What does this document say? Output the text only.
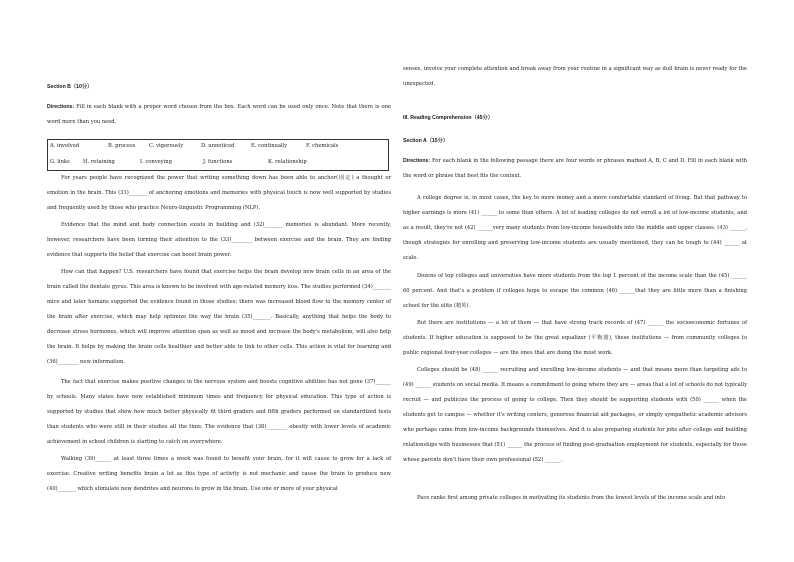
Section B（10分）
Directions: Fill in each blank with a proper word chosen from the box. Each word can be used only once. Note that there is one word more than you need.
A. involved	B. process	C. vigorously	D. unnoticed	E. continually	F. chemicals
G. links	H. retaining	I. conveying	J. functions	K. relationship
For years people have recognized the power that writing something down has been able to anchor(固定) a thought or emotion in the brain. This (31)_______ of anchoring emotions and memories with physical touch is now well supported by studies and frequently used by those who practice Neuro-linguistic Programming (NLP).
Evidence that the mind and body connection exists in building and (32)_______ memories is abundant. More recently, however, researchers have been turning their attention to the (33)________ between exercise and the brain. They are finding evidence that supports the belief that exercise can boost brain power.
How can that happen? U.S. researchers have found that exercise helps the brain develop new brain cells in an area of the brain called the dentate gyrus. This area is known to be involved with age-related memory loss. The studies performed (34)_______ mice and later humans supported the evidence found in those studies: there was increased blood flow to the memory center of the brain after exercise, which may help optimize the way the brain (35)_______. Basically, anything that helps the body to decrease stress hormones, which will improve attention span as well as mood and increase the body's metabolism, will also help the brain. It helps by making the brain cells healthier and better able to link to other cells. This action is vital for learning and (36)________ new information.
The fact that exercise makes positive changes in the nervous system and boosts cognitive abilities has not gone (37)______ by schools. Many states have now established minimum times and frequency for physical education. This type of action is supported by studies that show how much better physically fit third graders and fifth graders performed on standardized tests than students who were still in their studies all the time. The evidence that (38)________ obesity with lower levels of academic achievement in school children is starting to catch on everywhere.
Walking (39)______ at least three times a week was found to benefit your brain, for it will cause to grow for a lack of exercise. Creative writing benefits brain a lot as this type of activity is not mechanic and cause the brain to produce new (40)_______ which stimulate new dendrites and neurons to grow in the brain. Use one or more of your physical
senses, involve your complete attention and break away from your routine in a significant way as dull brain is never ready for the unexpected.
III. Reading Comprehension（45分）
Section A（15分）
Directions: For each blank in the following passage there are four words or phrases marked A, B, C and D. Fill in each blank with the word or phrase that best fits the context.
A college degree is, in most cases, the key to more money and a more comfortable standard of living. But that pathway to higher earnings is more (41) ______ to some than others. A lot of leading colleges do not enroll a lot of low-income students, and as a result, they're not (42) ______very many students from low-income households into the middle and upper classes. (43) ______, though strategies for enrolling and preserving low-income students are usually mentioned, they can be tough to (44) ______ at scale.
Dozens of top colleges and universities have more students from the top 1 percent of the income scale than the (45) ______ 60 percent. And that's a problem if colleges hope to escape the common (46) ______that they are little more than a finishing school for the elite (精英).
But there are institutions — a lot of them — that have strong track records of (47) ______ the socioeconomic fortunes of students. If higher education is supposed to be the great equalizer (平衡器), these institutions — from community colleges to public regional four-year colleges — are the ones that are doing the most work.
Colleges should be (48) ______ recruiting and enrolling low-income students — and that means more than targeting ads to (49) ______ students on social media. It means a commitment to going where they are — areas that a lot of schools do not typically recruit — and publicize the process of going to college. Then they should be supporting students with (50) ______ when the students get to campus — whether it's writing centers, generous financial aid packages, or simply sympathetic academic advisors who perhaps came from low-income backgrounds themselves. And it is also preparing students for jobs after college and building relationships with businesses that (51) ______ the process of finding post-graduation employment for students, especially for those whose parents don't have their own professional (52) ______.
Pace ranks first among private colleges in motivating its students from the lowest levels of the income scale and into
